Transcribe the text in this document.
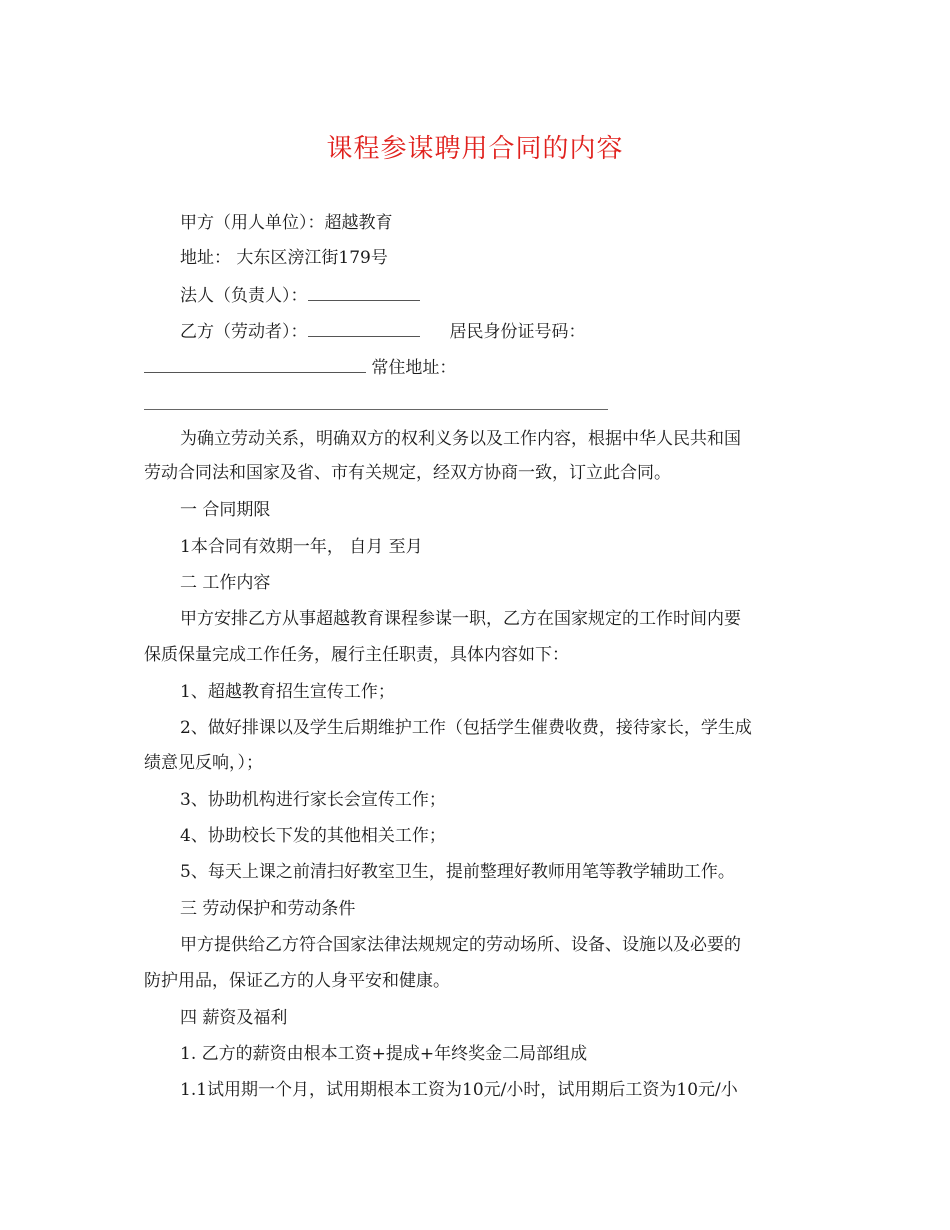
课程参谋聘用合同的内容
甲方（用人单位）：超越教育
地址： 大东区滂江街179号
法人（负责人）：
乙方（劳动者）：	居民身份证号码：
常住地址：
为确立劳动关系，明确双方的权利义务以及工作内容，根据中华人民共和国
劳动合同法和国家及省、市有关规定，经双方协商一致，订立此合同。
一 合同期限
1本合同有效期一年， 自月 至月
二 工作内容
甲方安排乙方从事超越教育课程参谋一职，乙方在国家规定的工作时间内要
保质保量完成工作任务，履行主任职责，具体内容如下：
1、超越教育招生宣传工作；
2、做好排课以及学生后期维护工作（包括学生催费收费，接待家长，学生成
绩意见反响，）；
3、协助机构进行家长会宣传工作；
4、协助校长下发的其他相关工作；
5、每天上课之前清扫好教室卫生，提前整理好教师用笔等教学辅助工作。
三 劳动保护和劳动条件
甲方提供给乙方符合国家法律法规规定的劳动场所、设备、设施以及必要的
防护用品，保证乙方的人身平安和健康。
四 薪资及福利
1. 乙方的薪资由根本工资+提成+年终奖金二局部组成
1.1试用期一个月，试用期根本工资为10元/小时，试用期后工资为10元/小
